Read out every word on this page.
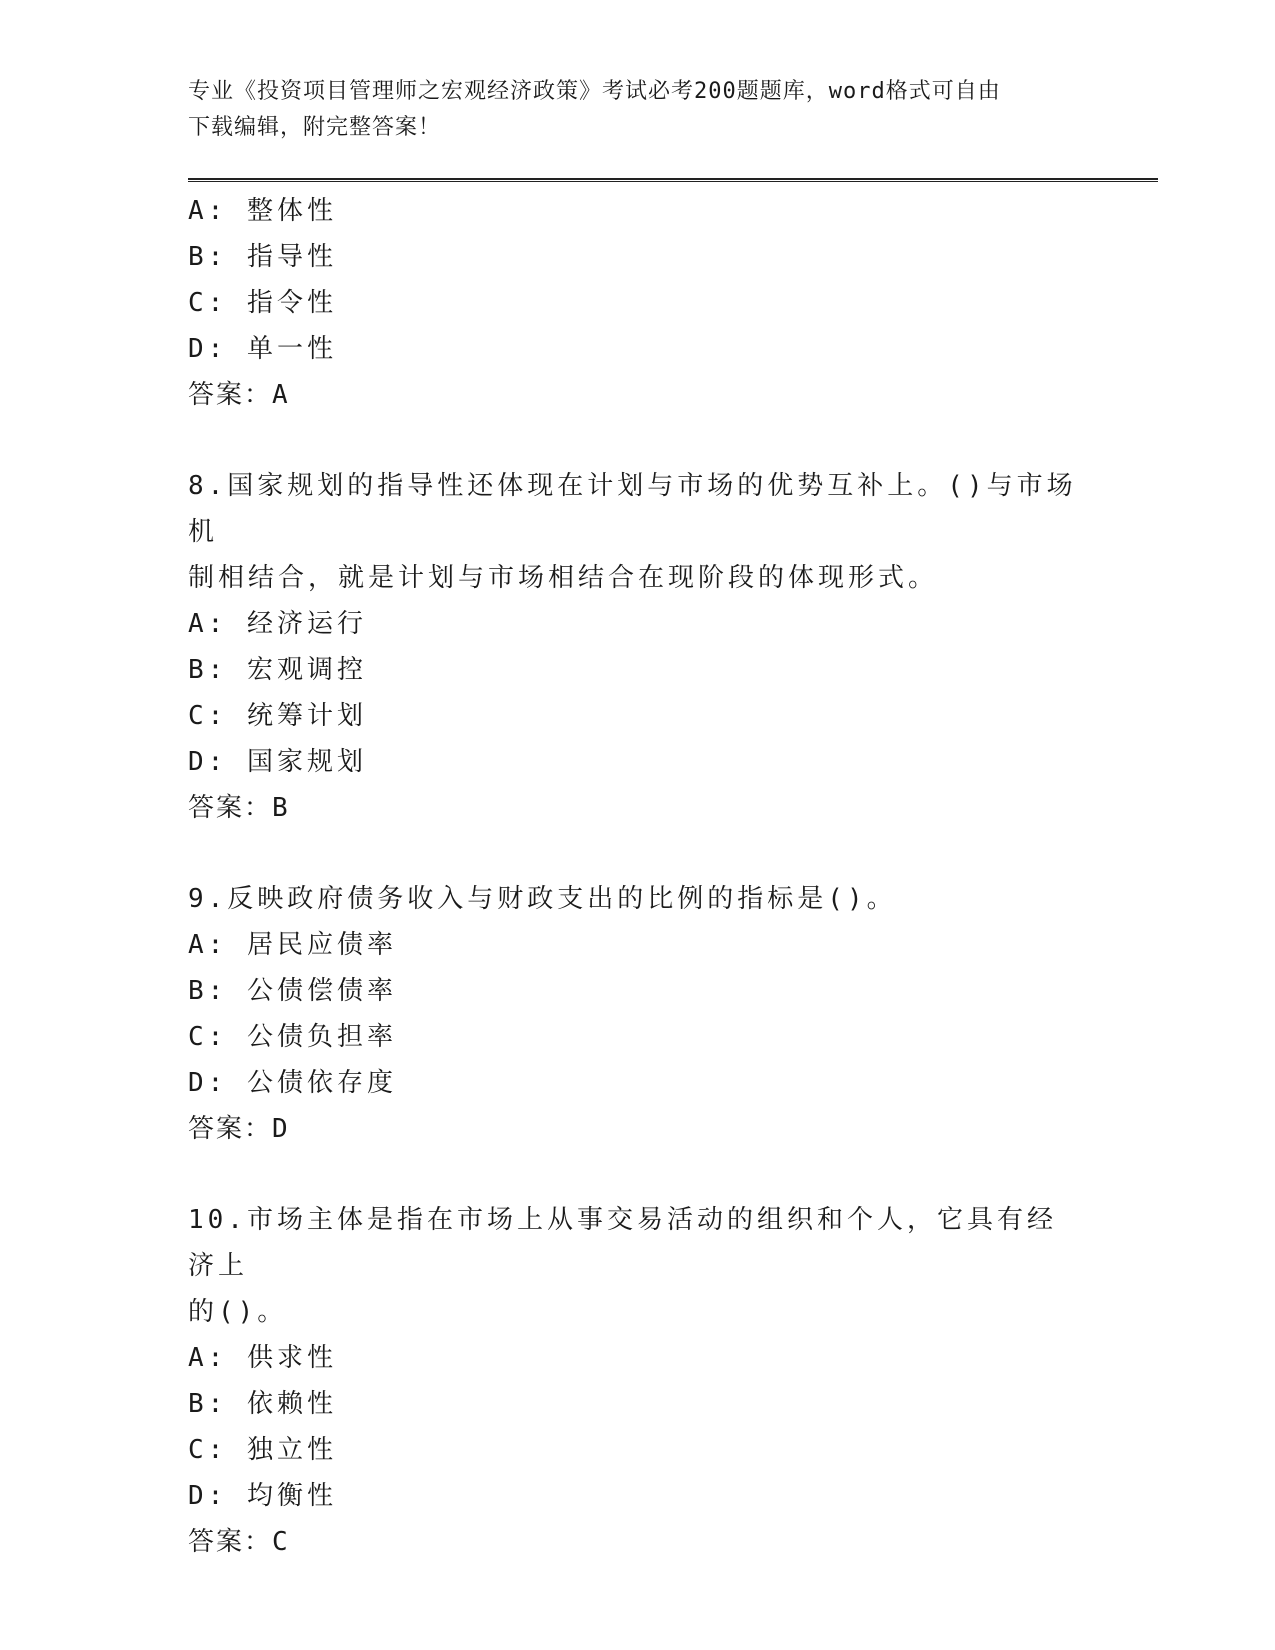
专业《投资项目管理师之宏观经济政策》考试必考200题题库，word格式可自由
下载编辑，附完整答案！
A: 整体性
B: 指导性
C: 指令性
D: 单一性
答案：A
8.国家规划的指导性还体现在计划与市场的优势互补上。()与市场机
制相结合，就是计划与市场相结合在现阶段的体现形式。
A: 经济运行
B: 宏观调控
C: 统筹计划
D: 国家规划
答案：B
9.反映政府债务收入与财政支出的比例的指标是()。
A: 居民应债率
B: 公债偿债率
C: 公债负担率
D: 公债依存度
答案：D
10.市场主体是指在市场上从事交易活动的组织和个人，它具有经济上
的()。
A: 供求性
B: 依赖性
C: 独立性
D: 均衡性
答案：C
